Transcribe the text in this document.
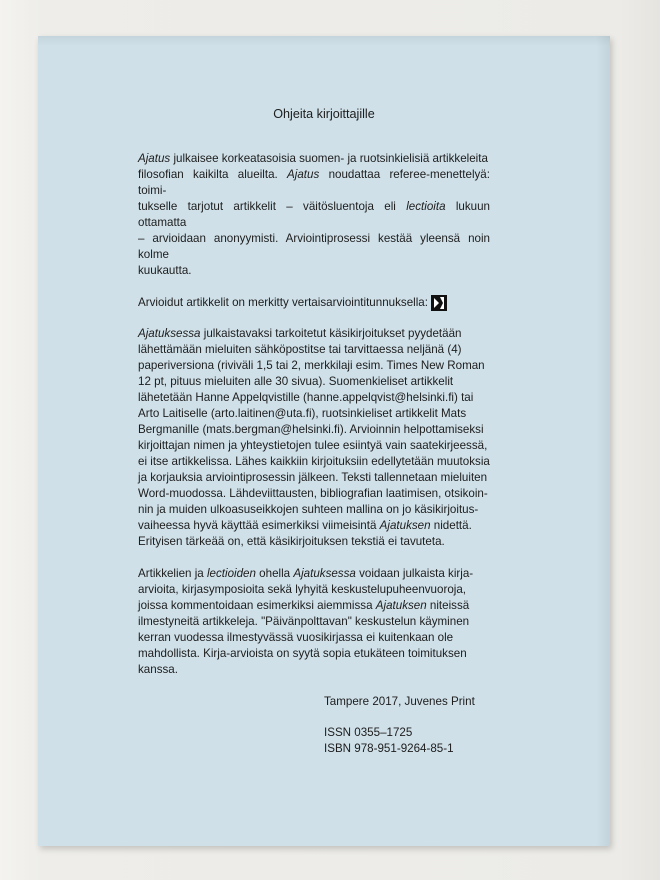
Ohjeita kirjoittajille

Ajatus julkaisee korkeatasoisia suomen- ja ruotsinkielisiä artikkeleita
filosofian kaikilta alueilta. Ajatus noudattaa referee-menettelyä: toimi-
tukselle tarjotut artikkelit – väitösluentoja eli lectioita lukuun ottamatta
– arvioidaan anonyymisti. Arviointiprosessi kestää yleensä noin kolme
kuukautta.

Arvioidut artikkelit on merkitty vertaisarviointitunnuksella:

Ajatuksessa julkaistavaksi tarkoitetut käsikirjoitukset pyydetään
lähettämään mieluiten sähköpostitse tai tarvittaessa neljänä (4)
paperiversiona (riviväli 1,5 tai 2, merkkilaji esim. Times New Roman
12 pt, pituus mieluiten alle 30 sivua). Suomenkieliset artikkelit
lähetetään Hanne Appelqvistille (hanne.appelqvist@helsinki.fi) tai
Arto Laitiselle (arto.laitinen@uta.fi), ruotsinkieliset artikkelit Mats
Bergmanille (mats.bergman@helsinki.fi). Arvioinnin helpottamiseksi
kirjoittajan nimen ja yhteystietojen tulee esiintyä vain saatekirjeessä,
ei itse artikkelissa. Lähes kaikkiin kirjoituksiin edellytetään muutoksia
ja korjauksia arviointiprosessin jälkeen. Teksti tallennetaan mieluiten
Word-muodossa. Lähdeviittausten, bibliografian laatimisen, otsikoin-
nin ja muiden ulkoasuseikkojen suhteen mallina on jo käsikirjoitus-
vaiheessa hyvä käyttää esimerkiksi viimeisintä Ajatuksen nidettä.
Erityisen tärkeää on, että käsikirjoituksen tekstiä ei tavuteta.

Artikkelien ja lectioiden ohella Ajatuksessa voidaan julkaista kirja-
arvioita, kirjasymposioita sekä lyhyitä keskustelupuheenvuoroja,
joissa kommentoidaan esimerkiksi aiemmissa Ajatuksen niteissä
ilmestyneitä artikkeleja. "Päivänpolttavan" keskustelun käyminen
kerran vuodessa ilmestyvässä vuosikirjassa ei kuitenkaan ole
mahdollista. Kirja-arvioista on syytä sopia etukäteen toimituksen
kanssa.

Tampere 2017, Juvenes Print
ISSN 0355–1725
ISBN 978-951-9264-85-1
